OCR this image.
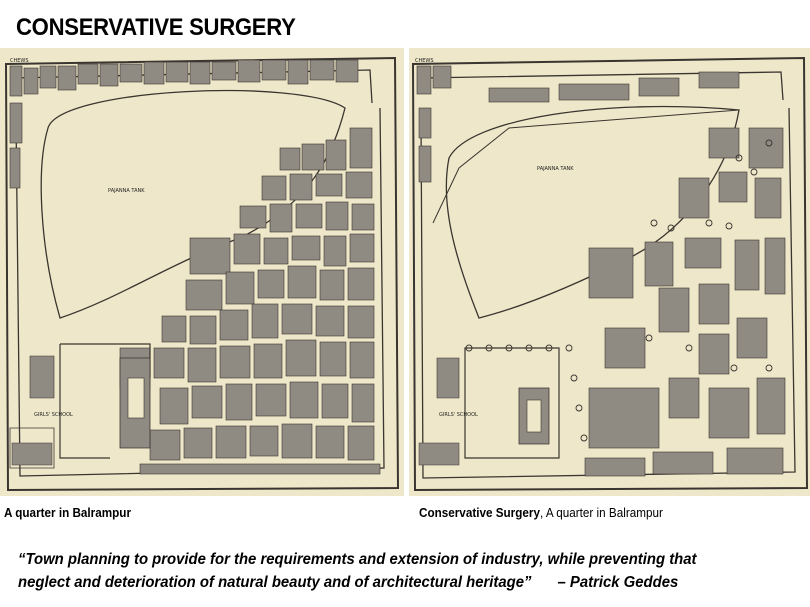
CONSERVATIVE SURGERY
CHEWS
PAJANNA TANK
GIRLS' SCHOOL
CHEWS
PAJANNA TANK
GIRLS' SCHOOL
A quarter in Balrampur	Conservative Surgery, A quarter in Balrampur
“Town planning to provide for the requirements and extension of industry, while preventing that
neglect and deterioration of natural beauty and of architectural heritage” – Patrick Geddes
